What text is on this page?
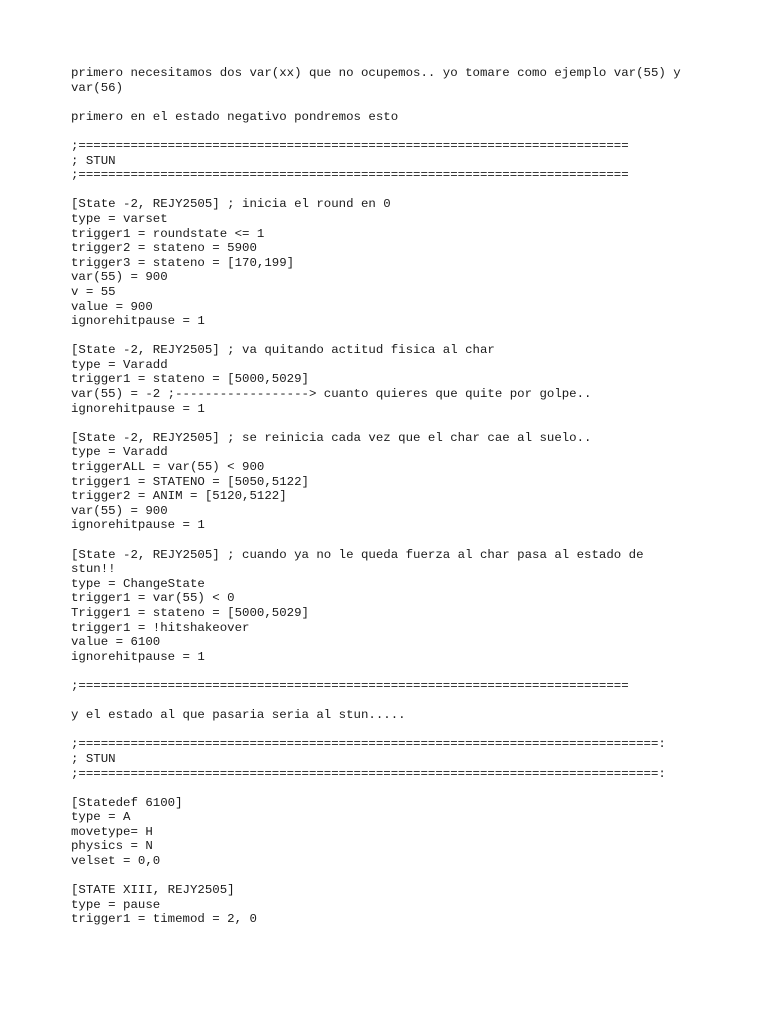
primero necesitamos dos var(xx) que no ocupemos.. yo tomare como ejemplo var(55) y
var(56)
primero en el estado negativo pondremos esto
;==========================================================================
; STUN
;==========================================================================
[State -2, REJY2505] ; inicia el round en 0
type = varset
trigger1 = roundstate <= 1
trigger2 = stateno = 5900
trigger3 = stateno = [170,199]
var(55) = 900
v = 55
value = 900
ignorehitpause = 1
[State -2, REJY2505] ; va quitando actitud fisica al char
type = Varadd
trigger1 = stateno = [5000,5029]
var(55) = -2 ;------------------> cuanto quieres que quite por golpe..
ignorehitpause = 1
[State -2, REJY2505] ; se reinicia cada vez que el char cae al suelo..
type = Varadd
triggerALL = var(55) < 900
trigger1 = STATENO = [5050,5122]
trigger2 = ANIM = [5120,5122]
var(55) = 900
ignorehitpause = 1
[State -2, REJY2505] ; cuando ya no le queda fuerza al char pasa al estado de
stun!!
type = ChangeState
trigger1 = var(55) < 0
Trigger1 = stateno = [5000,5029]
trigger1 = !hitshakeover
value = 6100
ignorehitpause = 1
;==========================================================================
y el estado al que pasaria seria al stun.....
;==============================================================================:
; STUN
;==============================================================================:
[Statedef 6100]
type = A
movetype= H
physics = N
velset = 0,0
[STATE XIII, REJY2505]
type = pause
trigger1 = timemod = 2, 0
